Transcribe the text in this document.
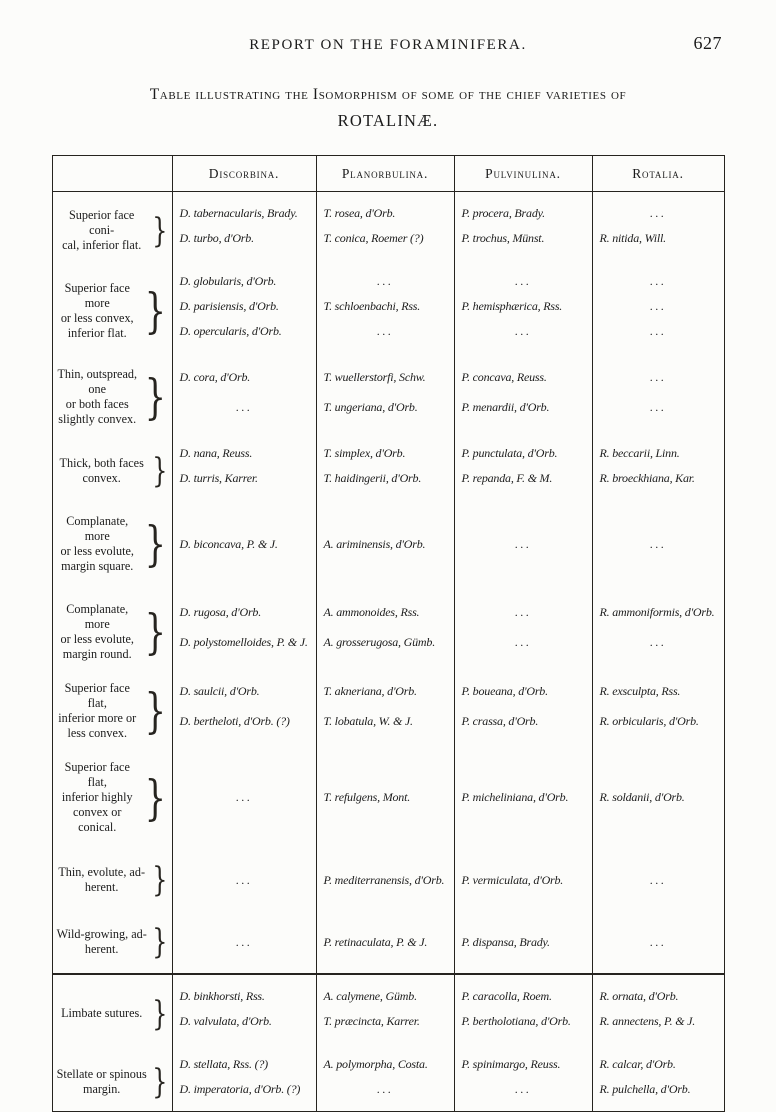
REPORT ON THE FORAMINIFERA.	627
Table illustrating the Isomorphism of some of the chief varieties of
ROTALINÆ.
	Discorbina.	Planorbulina.	Pulvinulina.	Rotalia.

Superior face coni-
cal, inferior flat. }	D. tabernacularis, Brady.	T. rosea, d'Orb.	P. procera, Brady.	...
	D. turbo, d'Orb.	T. conica, Roemer (?)	P. trochus, Münst.	R. nitida, Will.

Superior face more
or less convex,
inferior flat. }	D. globularis, d'Orb.	...	...	...
	D. parisiensis, d'Orb.	T. schloenbachi, Rss.	P. hemisphærica, Rss.	...
	D. opercularis, d'Orb.	...	...	...

Thin, outspread, one
or both faces
slightly convex. }	D. cora, d'Orb.	T. wuellerstorfi, Schw.	P. concava, Reuss.	...
	...	T. ungeriana, d'Orb.	P. menardii, d'Orb.	...

Thick, both faces
convex. }	D. nana, Reuss.	T. simplex, d'Orb.	P. punctulata, d'Orb.	R. beccarii, Linn.
	D. turris, Karrer.	T. haidingerii, d'Orb.	P. repanda, F. & M.	R. broeckhiana, Kar.

Complanate, more
or less evolute,
margin square. }	D. biconcava, P. & J.	A. ariminensis, d'Orb.	...	...

Complanate, more
or less evolute,
margin round. }	D. rugosa, d'Orb.	A. ammonoides, Rss.	...	R. ammoniformis, d'Orb.
	D. polystomelloides, P. & J.	A. grosserugosa, Gümb.	...	...

Superior face flat,
inferior more or
less convex. }	D. saulcii, d'Orb.	T. akneriana, d'Orb.	P. boueana, d'Orb.	R. exsculpta, Rss.
	D. bertheloti, d'Orb. (?)	T. lobatula, W. & J.	P. crassa, d'Orb.	R. orbicularis, d'Orb.

Superior face flat,
inferior highly
convex or conical.
}	...	T. refulgens, Mont.	P. micheliniana, d'Orb.	R. soldanii, d'Orb.

Thin, evolute, ad-
herent. }	...	P. mediterranensis, d'Orb.	P. vermiculata, d'Orb.	...

Wild-growing, ad-
herent. }	...	P. retinaculata, P. & J.	P. dispansa, Brady.	...

Limbate sutures. }	D. binkhorsti, Rss.	A. calymene, Gümb.	P. caracolla, Roem.	R. ornata, d'Orb.
	D. valvulata, d'Orb.	T. præcincta, Karrer.	P. bertholotiana, d'Orb.	R. annectens, P. & J.

Stellate or spinous
margin. }	D. stellata, Rss. (?)	A. polymorpha, Costa.	P. spinimargo, Reuss.	R. calcar, d'Orb.
	D. imperatoria, d'Orb. (?)	...	...	R. pulchella, d'Orb.
